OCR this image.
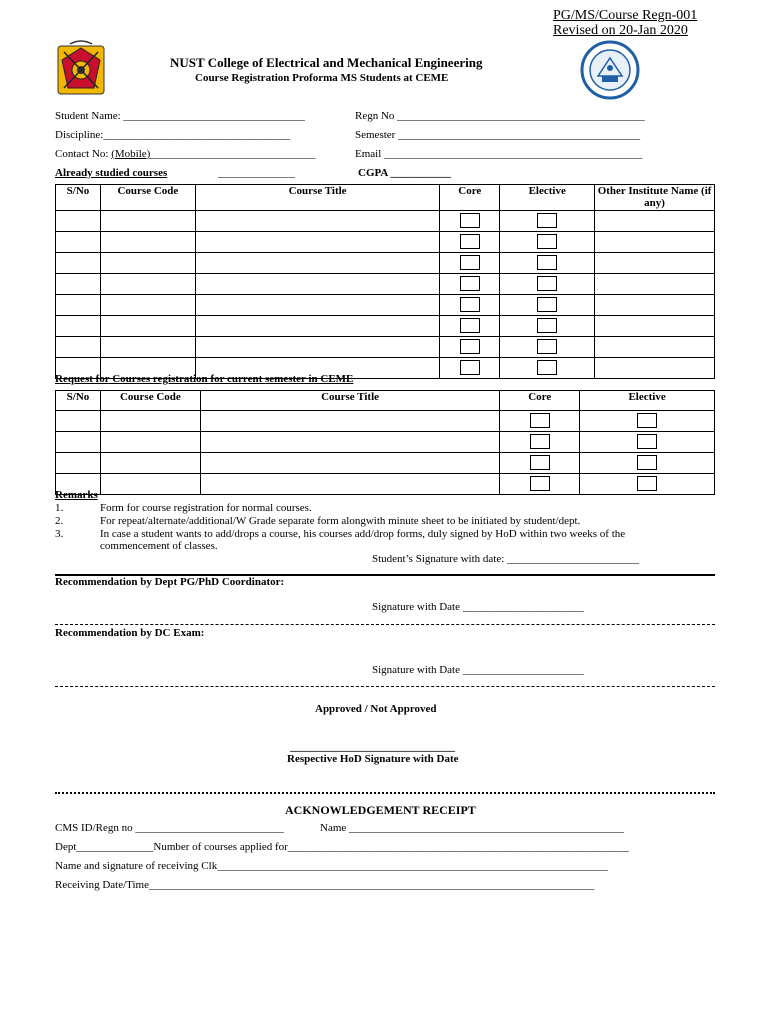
PG/MS/Course Regn-001
Revised on 20-Jan 2020
NUST College of Electrical and Mechanical Engineering
Course Registration Proforma MS Students at CEME
Student Name: _________________________________	Regn No _____________________________________________
Discipline:__________________________________	Semester ____________________________________________
Contact No: (Mobile)______________________________	Email _______________________________________________
Already studied courses	______________	CGPA ___________
S/No	Course Code	Course Title	Core	Elective	Other Institute Name (if any)

Request for Courses registration for current semester in CEME
S/No	Course Code	Course Title	Core	Elective

Remarks
1.	Form for course registration for normal courses.
2.	For repeat/alternate/additional/W Grade separate form alongwith minute sheet to be initiated by student/dept.
3.	In case a student wants to add/drops a course, his courses add/drop forms, duly signed by HoD within two weeks of the
commencement of classes.
Student’s Signature with date: ________________________
Recommendation by Dept PG/PhD Coordinator:
Signature with Date ______________________
Recommendation by DC Exam:
Signature with Date ______________________
Approved / Not Approved
______________________________
Respective HoD Signature with Date
ACKNOWLEDGEMENT RECEIPT
CMS ID/Regn no ___________________________	Name __________________________________________________
Dept______________Number of courses applied for______________________________________________________________
Name and signature of receiving Clk_______________________________________________________________________
Receiving Date/Time_________________________________________________________________________________
